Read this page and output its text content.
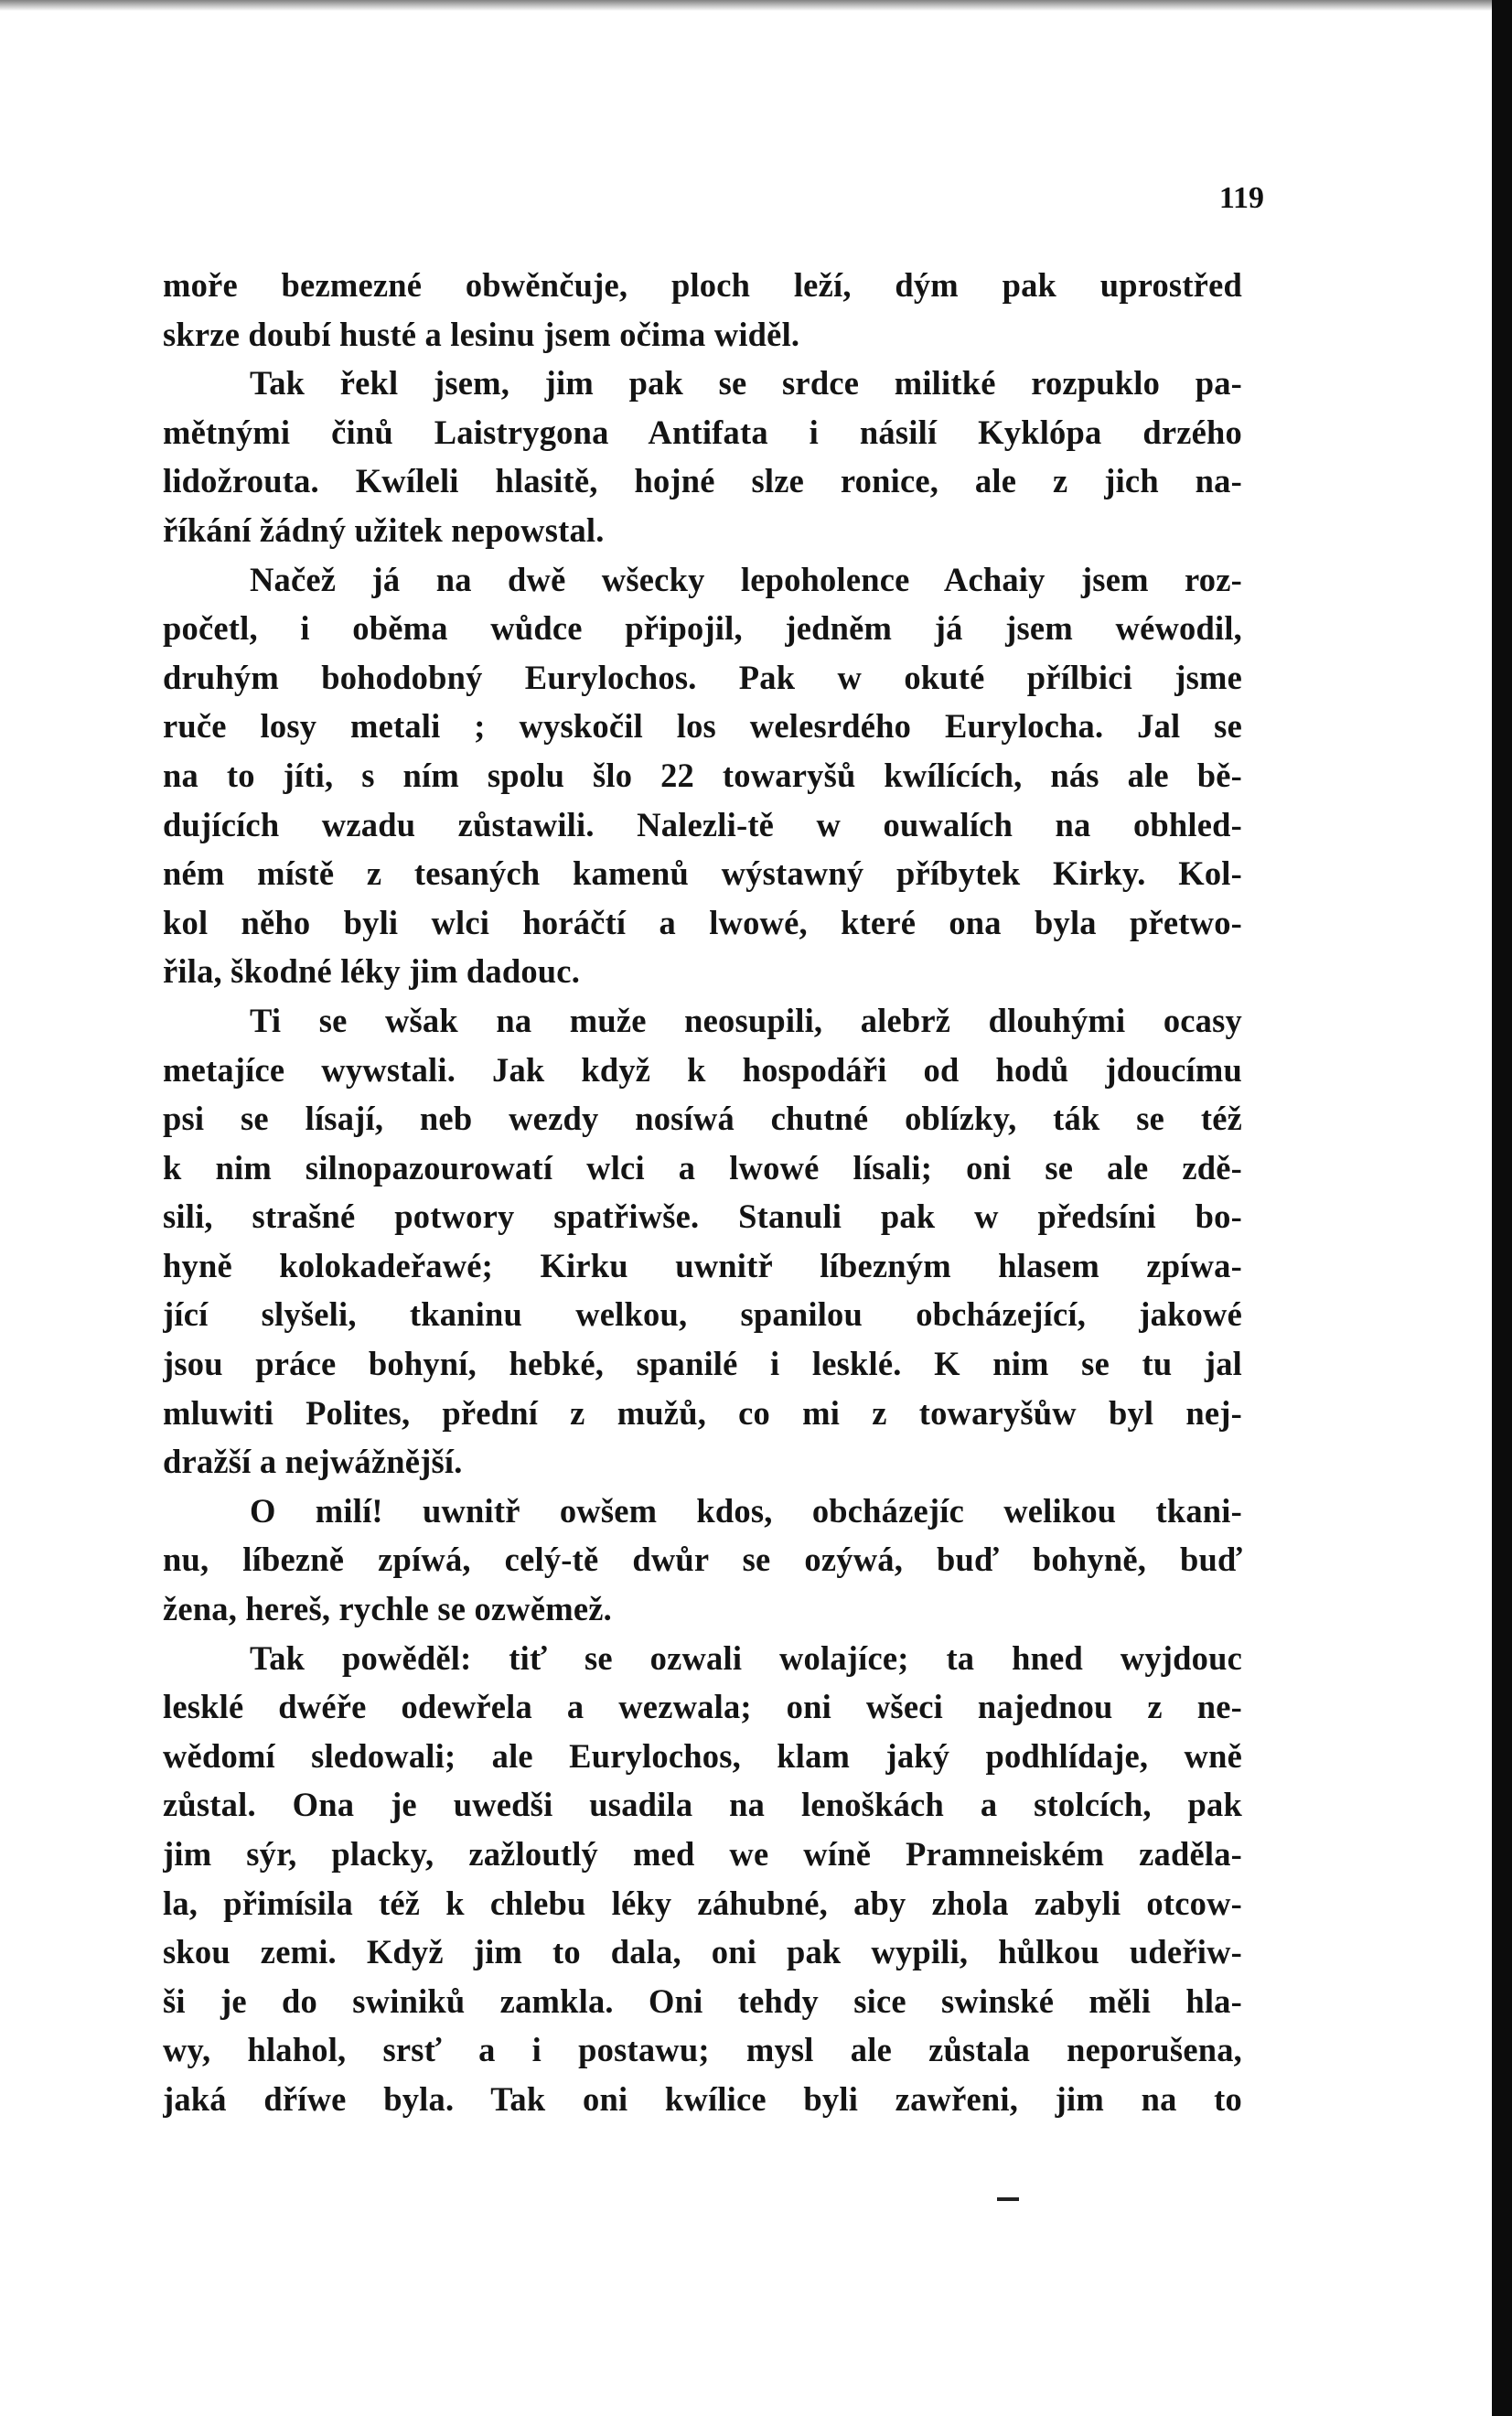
119
moře bezmezné obwěnčuje, ploch leží, dým pak uprostřed
skrze doubí husté a lesinu jsem očima widěl.
Tak řekl jsem, jim pak se srdce militké rozpuklo pa-
mětnými činů Laistrygona Antifata i násilí Kyklópa drzého
lidožrouta. Kwíleli hlasitě, hojné slze ronice, ale z jich na-
říkání žádný užitek nepowstal.
Načež já na dwě wšecky lepoholence Achaiy jsem roz-
početl, i oběma wůdce připojil, jedněm já jsem wéwodil,
druhým bohodobný Eurylochos. Pak w okuté přílbici jsme
ruče losy metali ; wyskočil los welesrdého Eurylocha. Jal se
na to jíti, s ním spolu šlo 22 towaryšů kwílících, nás ale bě-
dujících wzadu zůstawili. Nalezli-tě w ouwalích na obhled-
ném místě z tesaných kamenů wýstawný příbytek Kirky. Kol-
kol něho byli wlci horáčtí a lwowé, které ona byla přetwo-
řila, škodné léky jim dadouc.
Ti se wšak na muže neosupili, alebrž dlouhými ocasy
metajíce wywstali. Jak když k hospodáři od hodů jdoucímu
psi se lísají, neb wezdy nosíwá chutné oblízky, ták se též
k nim silnopazourowatí wlci a lwowé lísali; oni se ale zdě-
sili, strašné potwory spatřiwše. Stanuli pak w předsíni bo-
hyně kolokadeřawé; Kirku uwnitř líbezným hlasem zpíwa-
jící slyšeli, tkaninu welkou, spanilou obcházející, jakowé
jsou práce bohyní, hebké, spanilé i lesklé. K nim se tu jal
mluwiti Polites, přední z mužů, co mi z towaryšůw byl nej-
dražší a nejwážnější.
O milí! uwnitř owšem kdos, obcházejíc welikou tkani-
nu, líbezně zpíwá, celý-tě dwůr se ozýwá, buď bohyně, buď
žena, hereš, rychle se ozwěmež.
Tak powěděl: tiť se ozwali wolajíce; ta hned wyjdouc
lesklé dwéře odewřela a wezwala; oni wšeci najednou z ne-
wědomí sledowali; ale Eurylochos, klam jaký podhlídaje, wně
zůstal. Ona je uwedši usadila na lenoškách a stolcích, pak
jim sýr, placky, zažloutlý med we wíně Pramneiském zaděla-
la, přimísila též k chlebu léky záhubné, aby zhola zabyli otcow-
skou zemi. Když jim to dala, oni pak wypili, hůlkou udeřiw-
ši je do swiniků zamkla. Oni tehdy sice swinské měli hla-
wy, hlahol, srsť a i postawu; mysl ale zůstala neporušena,
jaká dříwe byla. Tak oni kwílice byli zawřeni, jim na to
